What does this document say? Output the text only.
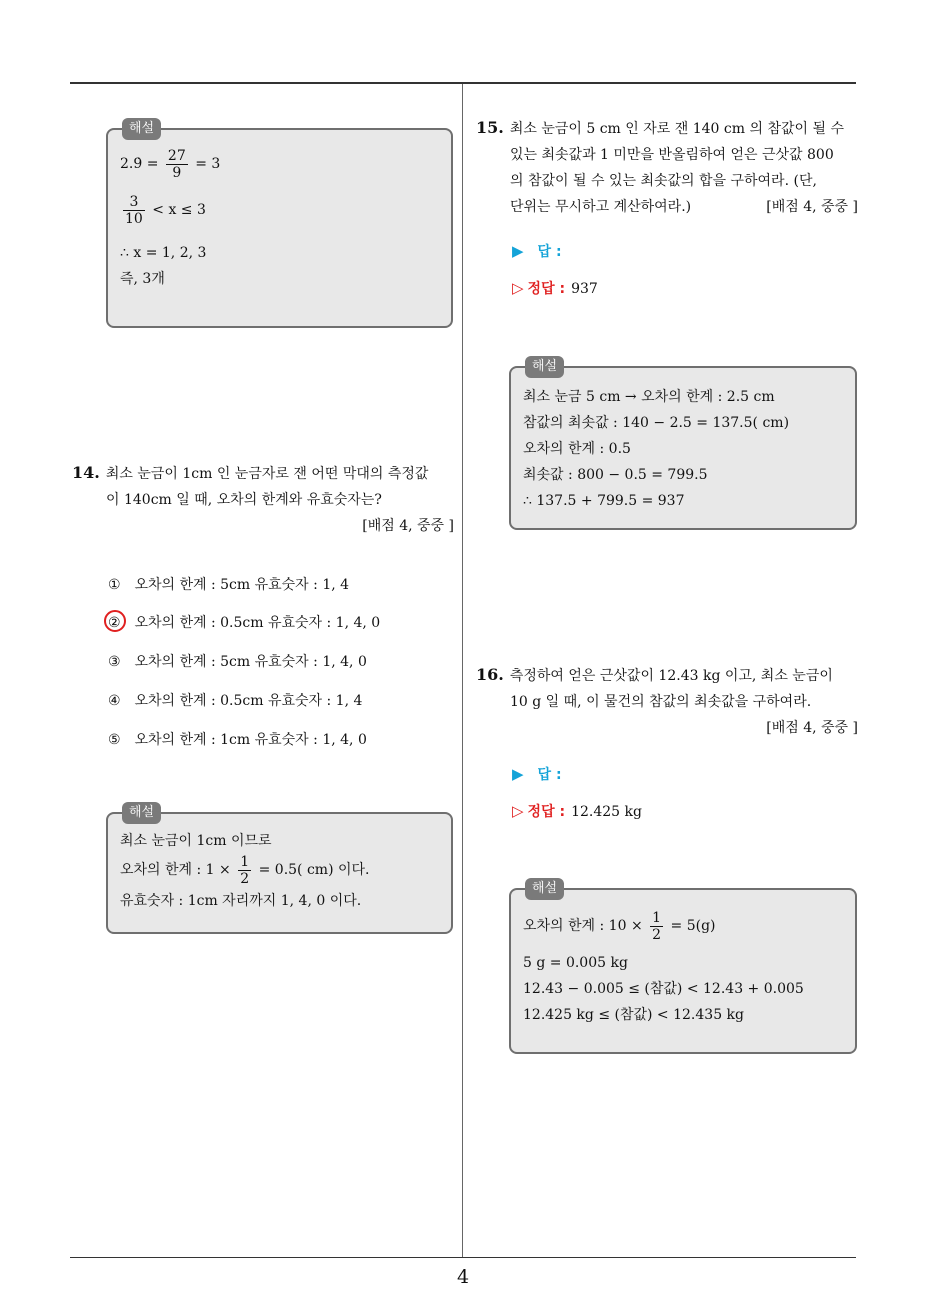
해설
2.9̇ = $\frac{27}{9} = 3$
$\frac{3}{10} < x \le 3$
∴ x = 1, 2, 3
즉, 3개
14. 최소 눈금이 1cm 인 눈금자로 잰 어떤 막대의 측정값
이 140cm 일 때, 오차의 한계와 유효숫자는?
[배점 4, 중중 ]
① 오차의 한계 : 5cm 유효숫자 : 1, 4
② 오차의 한계 : 0.5cm 유효숫자 : 1, 4, 0
③ 오차의 한계 : 5cm 유효숫자 : 1, 4, 0
④ 오차의 한계 : 0.5cm 유효숫자 : 1, 4
⑤ 오차의 한계 : 1cm 유효숫자 : 1, 4, 0
해설
최소 눈금이 1cm 이므로
오차의 한계 : $1 \times \frac{1}{2} = 0.5$( cm) 이다.
유효숫자 : 1cm 자리까지 1, 4, 0 이다.
15. 최소 눈금이 5 cm 인 자로 잰 140 cm 의 참값이 될 수
있는 최솟값과 1 미만을 반올림하여 얻은 근삿값 800
의 참값이 될 수 있는 최솟값의 합을 구하여라. (단,
단위는 무시하고 계산하여라.)	[배점 4, 중중 ]
▶ 답 :
▷ 정답 : 937
해설
최소 눈금 5 cm → 오차의 한계 : 2.5 cm
참값의 최솟값 : 140 − 2.5 = 137.5( cm)
오차의 한계 : 0.5
최솟값 : 800 − 0.5 = 799.5
∴ 137.5 + 799.5 = 937
16. 측정하여 얻은 근삿값이 12.43 kg 이고, 최소 눈금이
10 g 일 때, 이 물건의 참값의 최솟값을 구하여라.
[배점 4, 중중 ]
▶ 답 :
▷ 정답 : 12.425 kg
해설
오차의 한계 : $10 \times \frac{1}{2} = 5(g)$
5 g = 0.005 kg
12.43 − 0.005 ≤ (참값) < 12.43 + 0.005
12.425 kg ≤ (참값) < 12.435 kg
4
